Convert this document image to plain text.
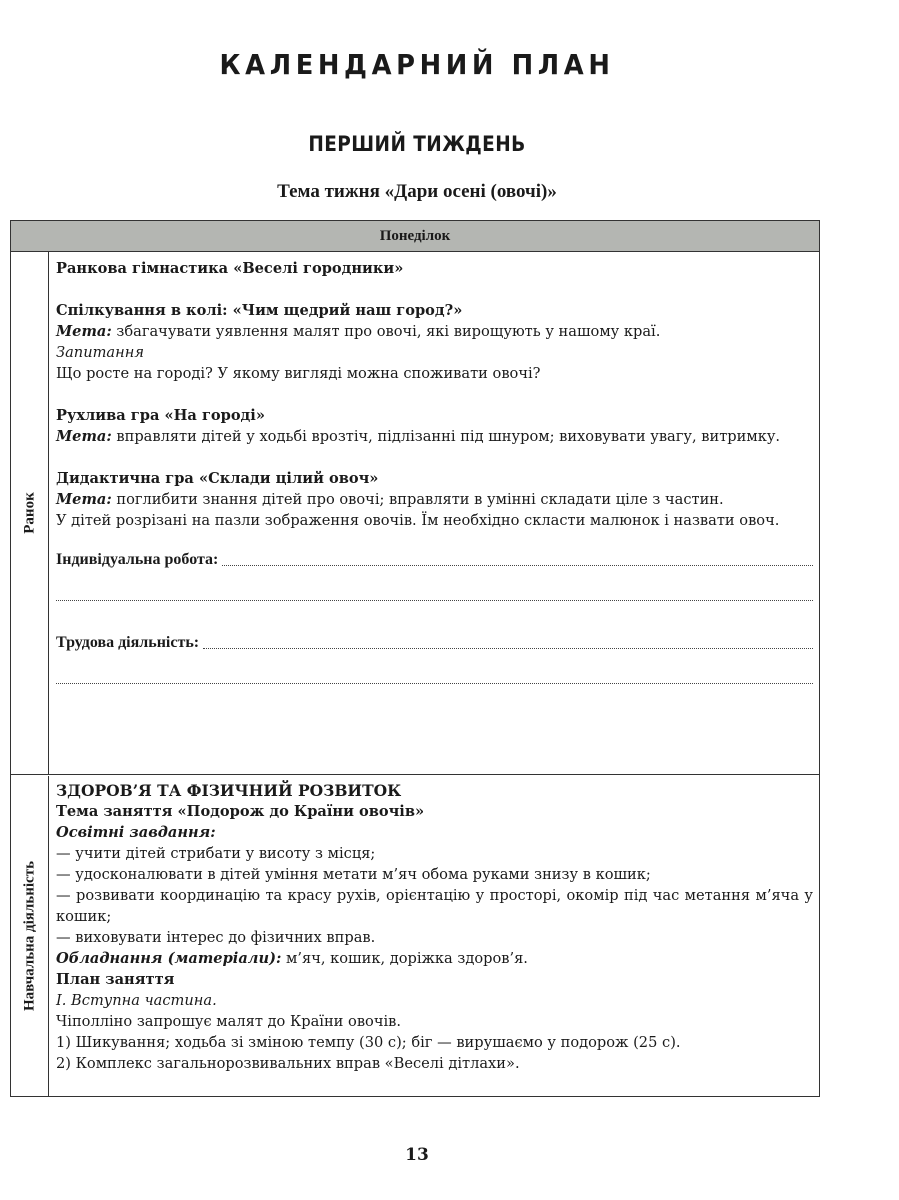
КАЛЕНДАРНИЙ ПЛАН
ПЕРШИЙ ТИЖДЕНЬ
Тема тижня «Дари осені (овочі)»
Понеділок
Ранок

Ранкова гімнастика «Веселі городники»

Спілкування в колі: «Чим щедрий наш город?»

Мета: збагачувати уявлення малят про овочі, які вирощують у нашому краї.

Запитання

Що росте на городі? У якому вигляді можна споживати овочі?

Рухлива гра «На городі»

Мета: вправляти дітей у ходьбі врозтіч, підлізанні під шнуром; виховувати увагу, витримку.

Дидактична гра «Склади цілий овоч»

Мета: поглибити знання дітей про овочі; вправляти в умінні складати ціле з частин.

У дітей розрізані на пазли зображення овочів. Їм необхідно скласти малюнок і назвати овоч.

Індивідуальна робота:
Трудова діяльність:
Навчальна діяльність

ЗДОРОВ’Я ТА ФІЗИЧНИЙ РОЗВИТОК

Тема заняття «Подорож до Країни овочів»

Освітні завдання:

— учити дітей стрибати у висоту з місця;

— удосконалювати в дітей уміння метати м’яч обома руками знизу в кошик;

— розвивати координацію та красу рухів, орієнтацію у просторі, окомір під час метання м’яча у кошик;

— виховувати інтерес до фізичних вправ.

Обладнання (матеріали): м’яч, кошик, доріжка здоров’я.

План заняття

I. Вступна частина.

Чіполліно запрошує малят до Країни овочів.

1) Шикування; ходьба зі зміною темпу (30 с); біг — вирушаємо у подорож (25 с).

2) Комплекс загальнорозвивальних вправ «Веселі дітлахи».

13
